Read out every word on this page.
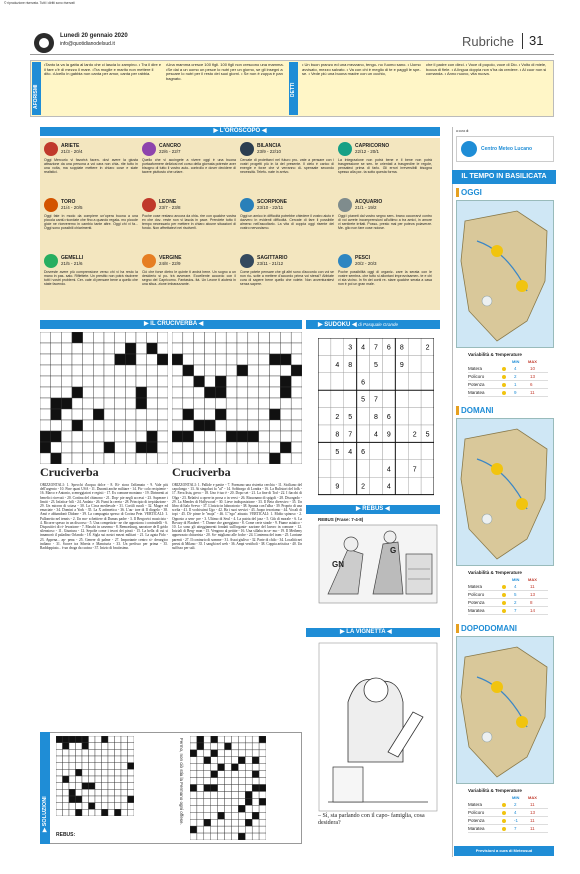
© riproduzione riservata. Tutti i diritti sono riservati
Lunedì 20 gennaio 2020
info@quotidianodelsud.it	Rubriche 31
AFORISMI
•Tanto la va la gatta al lardo che ci lascia lo zampino. • Tra il dire e il fare c'è di mezzo il mare. •Tra moglie e marito non mettere il dito. •Ucello in gabbia non canta per amor, canta per rabbia.
•Una mamma cresce 100 figli. 100 figli non crescono una mamma. •Se dai a un uomo un pesce lo nutri per un giorno, se gli insegni a pescare lo nutri per il resto dei suoi giorni. • Se non è zuppa è pan bagnato.
DETTI
• Un buon pranzo ed una mezzano, tengo- no l'uomo sano. • Uomo avvisato, mezzo salvato. • Va con chi è meglio di te e paggli le spe- se. • Vede più una buona madre con un occhio,
che il padre con dieci. • Voce di popolo, voce di Dio. • Volto di miele, bocca di fiele. • A lingua doppia non s'ha da credere. • Al cuor non si comanda. • Anno nuovo, vita nuova.
▶ L'OROSCOPO ◀
ARIETE
21/3 - 20/4
Oggi Mercurio vi favorirà facen- dovi avere la giusta attrazione da una persona a voi cara non chia- rite tutto in una volta, ma soppiate mettere in chiaro cose e siate realistici.
CANCRO
22/6 - 22/7
Quello che vi accingete a vivere oggi è una buona portaaformere deliziosi nel corso della giornata potreste aver bisogno di tutto il vostro auto- controllo e dover decidere di tacere piuttosto che urlare.
BILANCIA
23/9 - 22/10
Cercate di proiettarvi nel futuro pro- vate a pensare con i vostri progetti più in là del presente. Il cielo è carico di energie e forze che vi verranno di- spensate secondo necessità. Telefo- nate in arrivo.
CAPRICORNO
22/12 - 20/1
La Integrazione non potrà bene e il bene non potrà trasgressione se sen- te orientati a trasgredire le regole, pensateci prima di farlo. Gli errori irreversibili bisogna spesso alla por- ta sotto questa forma.
TORO
21/4 - 20/5
Oggi fate in modo da compiere un'opera buona a una piccola cantù ricordate che fino a quando regala- mo piccole gioie ne riceveremo in cambio tante altre. Oggi chi vi fa... Oggi sono possibili chiarimenti.
LEONE
23/7 - 23/8
Poche cose restano ancora da chia- rire con qualche vostra ex che dov- reste non vi lascia in pace. Prendete tutto il tempo necessario per mettere in chiaro alcune situazioni di fondo. Non affrettatevi nei risolverli.
SCORPIONE
23/10 - 22/11
Oggi un amico in difficoltà potrebbe chiedere il vostro aiuto è davvero in evidenti difficoltà. Cercate di fare il possibile almeno nell'ascoltarlo. La vita di coppia oggi risente del vostro nervosismo.
ACQUARIO
21/1 - 19/2
Oggi i pianeti dal vostro segno sem- brano occorrarvi contro di voi avrete incomprensioni all'ultimo a tra amici, in amore vi sentirete irritati. Posso- presto mai per poteva poiaverze. Me- glio non fare cose noiose.
GEMELLI
21/5 - 21/6
Dovreste avere più comprensione verso chi vi ha resto la mano in pas- sato. Riflettete. Un prestito non potrà risolvere tutti i vostri problemi. Cer- cate di pensare bene a quello che state facendo.
VERGINE
24/8 - 22/9
Ciò che forse dietro le quinte ti andrà bene. Un sogno a un desiderio si po- trà avverare. Eccellente accordo con il segno del Capricorno. Fantasios- ità. Un Leone ti aiuterà in una situa- zione imbarazzante.
SAGITTARIO
23/11 - 21/12
Come potete pensare che gli altri sono d'accordo con voi se non riu- scite a mettere d'accordo prima voi stessi? Abbiate cura di sapere bene quello che volete. Non avventuratevi senza sapere.
PESCI
20/2 - 20/3
Poche possibilità oggi di organiz- zare la serata con le vostre sembra- che tutto si allontani improvvisamen- te e chi vi sta vicino. In fin dei conti re- stare qualche serata a casa non è poi un gran male.
▶ IL CRUCIVERBA ◀
Cruciverba	Cruciverba
ORIZZONTALI: 1. Specchi d'acqua dolce - 8. Ri- stora l'affamato - 9. Vale più dell'argento - 10. Fine quasi USA - 11. Duranti anche militare - 14. Pic- colo recipiente - 16. Marco e Antonio, sceneggiatori e registi - 17. Ex comune montano - 19. Dirimenti ai benefici ricevuti - 20. Cortina del chimono - 21. Dop- pie negli accessi - 23. Superare i limiti - 23. Infatica- bili - 24. Andata - 26. Fumi la cereta - 28. Principio di trepidazione - 29. Un micron di sciasa - 30. La Circa medievale - 31. Cortili rurali - 32. Magre ed emaciate - 34. Domini a York - 35. La X aritmetica - 36. L'au- tore di Il diogelo - 38. Amò e abbandonò Didone - 39. La compagnia spesso di Cocina Pete. VERTICALI: 1. Pallonetto nel tennis - 2. Un mo- schettiere di Dumas padre - 3. Il Bergovici musicista - 4. Ricorre spesso in un discorso - 5. Una competizio- ne che apposiona i contradelli - 6. Dispositivi di ri- levazione - 7. Maschi in caserma - 8. Remrasburg, narratore de Il grido silenzioso - 11. Giuntura - 12. Sepolte come i tesori dei pirati - 15. La bella di cui si innamorò il paladino Orlando - 18. Sigla sui nostri mezzi militari - 21. La agata Fido - 23. Appena... ap- pena - 25. Genere di palme - 27. Importante centro si- derurgico indiano - 31. Scorre tra Siberia e Manciuria - 33. Un prefisso per prima - 35. Raddoppiato... è un droga da cucina - 37. Inizio di brutissimo.
ORIZZONTALI: 1. Pallide e pastte - 7. Formano una ristretta cerchia - 11. Siciliano del capolongo - 13. Ai singolari fa "al" - 14. Sobborgo di Londra - 16. La Bulistori del folk - 17. Fava lista, greco - 18. Uno è tuo è - 20. Dopo set - 21. La fine di Tod - 22. I fiacchi di Olga - 23. Relativi a opere in prosa o in versi - 26. Risuonano di spigoli - 28. Disorgado - 29. La Mendes di Hollywood - 30. Lieve indisposizione - 33. Il Beta diversivo - 35. Un libro di Italo Svevo - 37. L'inizio in laboratorio - 38. Spunta con l'alba - 39. Proprio di una scelta - 41. Il vochissimi Ugo - 42. Ha i suoi servizi - 43. Juopo tesoriamo - 44. Vocali di topi - 45. Di- pinse le "maja" - 46. L'"ego" attuato. VERTICALI: 1. Molto spinoso - 2. Opposto a sem- pre - 3. Ultimo di Seul - 4. La patria del jazz - 5. Giù di morale - 6. La Bovary di Flaubert - 7. Donne che gareggiano - 8. Come certe strade - 9. Fiume asiatico - 10. Lo sono gli atteggiamenti fondati sull'organiz- zazione del lavoro in comune - 12. Iniziali di Berg- man - 15. Vengono al petitte - 16. Una sillaba in se- mo - 19. Il Metheny apprezzato chitarrista - 20. So- migliano alle foche - 24. L'antenna del tram - 25. Lontane parenti - 27. Il contrario di somme - 31. Assai giulivo - 32. Parte di chilo - 34. Località nei pressi di Milano - 35. I sanghi nel web - 36. Ampi vestiboli - 38. Coppia artistica - 40. Un suffisso per sali.
▶ SUDOKU ◀ di Pasquale Grande
3 4 7 6 8	2
4 8	5	9
6
5 7
2 5	8 6
8 7	4 9	2 5
5 4 6
4	7
9	2	4
▶ REBUS ◀
REBUS (Frase: 7-4-8)
GN
G
▶ LA VIGNETTA ◀
– Sì, sta parlando con il capo- famiglia, cosa desidera?
▶ SOLUZIONI	Fermo, non ciò stia la Fermano ogni offese.
REBUS:
a cura di:
Centro Meteo Lucano
IL TEMPO IN BASILICATA
OGGI
Variabilità & Temperature
MIN MAX
Matera	4	10
Policoro	2	13
Potenza	1	6
Maratea	9	11
DOMANI
Variabilità & Temperature
MIN MAX
Matera	4	11
Policoro	5	13
Potenza	2	8
Maratea	7	14
DOPODOMANI
Variabilità & Temperature
MIN MAX
Matera	2	11
Policoro	4	13
Potenza	-1	11
Maratea	7	11
Previsioni a cura di Meteosud
